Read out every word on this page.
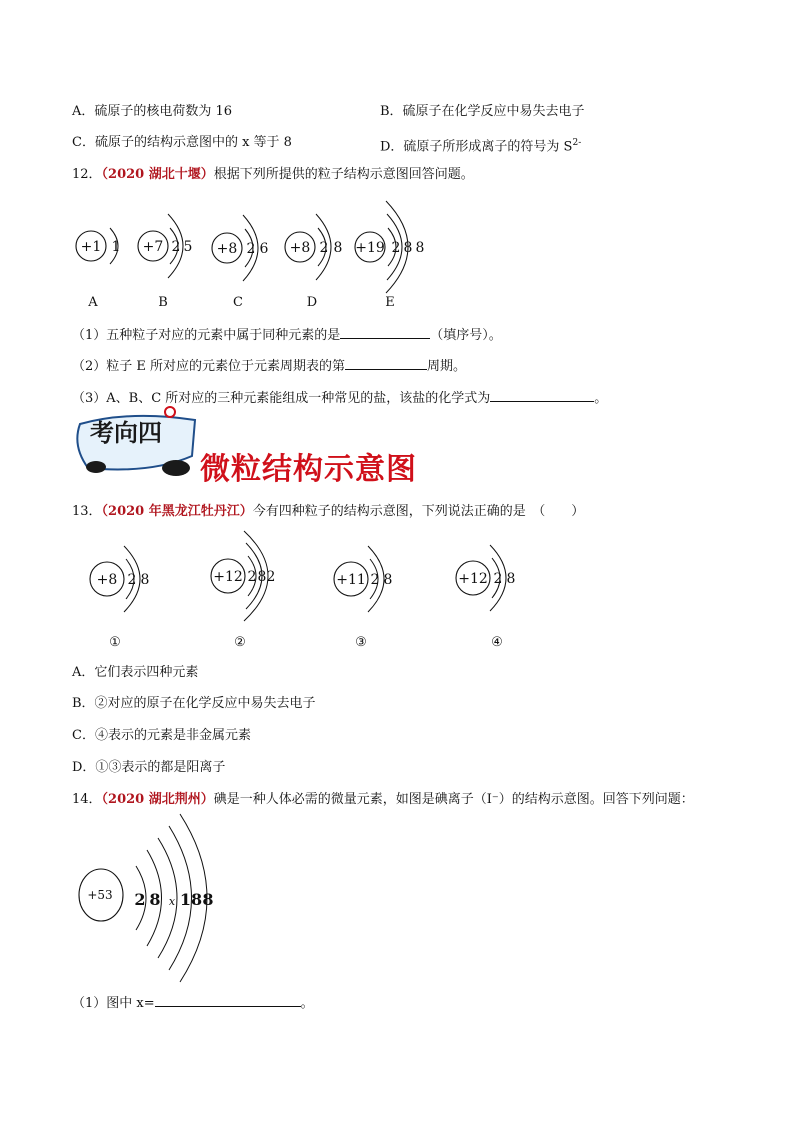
A．硫原子的核电荷数为 16	B．硫原子在化学反应中易失去电子
C．硫原子的结构示意图中的 x 等于 8	D．硫原子所形成离子的符号为 $S^{2-}$
12．（2020 湖北十堰）根据下列所提供的粒子结构示意图回答问题。
+1 1
A
+7 2 5
B
+8 2 6
C
+8 2 8
D
+19 2 8 8
E
+8 2 8
①
+12 2 8 2
②
+11 2 8
③
+12 2 8
④
+53 2 8 x 18 8
（1）五种粒子对应的元素中属于同种元素的是	（填序号）。
（2）粒子 E 所对应的元素位于元素周期表的第	周期。
（3）A、B、C 所对应的三种元素能组成一种常见的盐，该盐的化学式为	。
考向四
微粒结构示意图
13．（2020 年黑龙江牡丹江）今有四种粒子的结构示意图，下列说法正确的是　（　　）
A．它们表示四种元素
B．②对应的原子在化学反应中易失去电子
C．④表示的元素是非金属元素
D．①③表示的都是阳离子
14．（2020 湖北荆州）碘是一种人体必需的微量元素，如图是碘离子（I⁻）的结构示意图。回答下列问题：
（1）图中 x=	。
